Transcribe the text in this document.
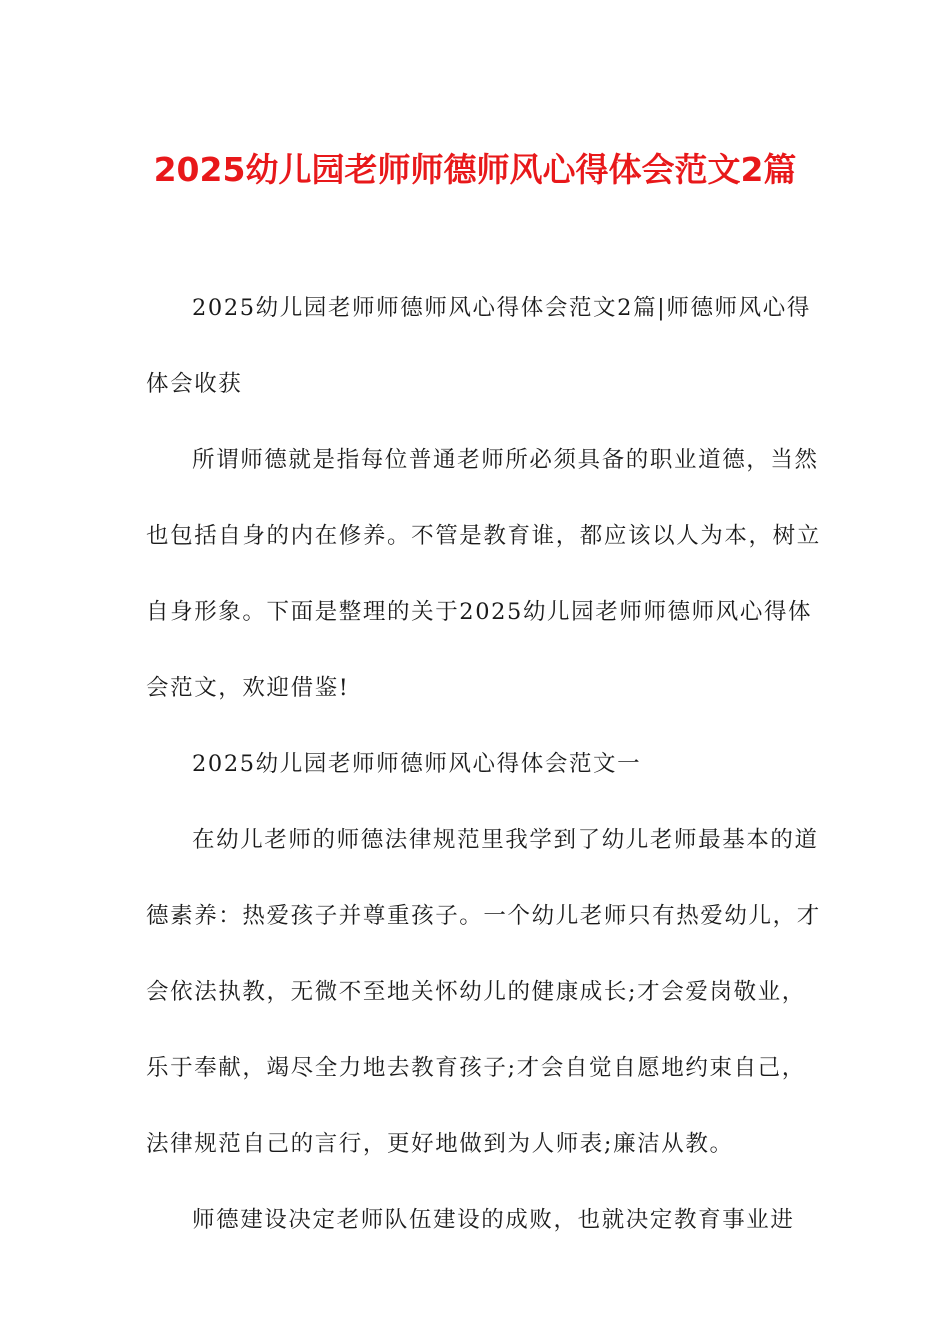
2025幼儿园老师师德师风心得体会范文2篇

2025幼儿园老师师德师风心得体会范文2篇|师德师风心得体会收获

所谓师德就是指每位普通老师所必须具备的职业道德，当然也包括自身的内在修养。不管是教育谁，都应该以人为本，树立自身形象。下面是整理的关于2025幼儿园老师师德师风心得体会范文，欢迎借鉴!

2025幼儿园老师师德师风心得体会范文一

在幼儿老师的师德法律规范里我学到了幼儿老师最基本的道德素养：热爱孩子并尊重孩子。一个幼儿老师只有热爱幼儿，才会依法执教，无微不至地关怀幼儿的健康成长;才会爱岗敬业，乐于奉献，竭尽全力地去教育孩子;才会自觉自愿地约束自己，法律规范自己的言行，更好地做到为人师表;廉洁从教。

师德建设决定老师队伍建设的成败，也就决定教育事业进
